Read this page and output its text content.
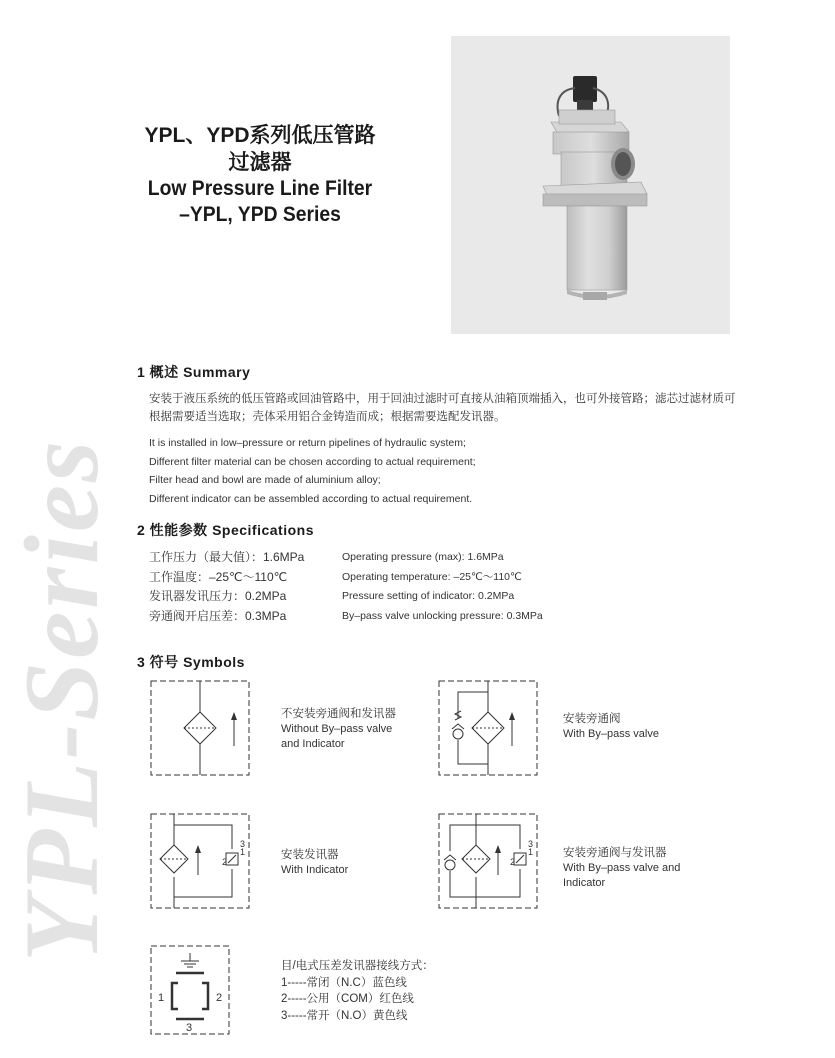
YPL-Series
YPL、YPD系列低压管路
过滤器
Low Pressure Line Filter
–YPL, YPD Series
1 概述 Summary
安装于液压系统的低压管路或回油管路中，用于回油过滤时可直接从油箱顶端插入，也可外接管路；滤芯过滤材质可根据需要适当选取；壳体采用铝合金铸造而成；根据需要选配发讯器。
It is installed in low–pressure or return pipelines of hydraulic system;
Different filter material can be chosen according to actual requirement;
Filter head and bowl are made of aluminium alloy;
Different indicator can be assembled according to actual requirement.
2 性能参数 Specifications
工作压力（最大值）：1.6MPa
工作温度：–25℃～110℃
发讯器发讯压力：0.2MPa
旁通阀开启压差：0.3MPa
Operating pressure (max): 1.6MPa
Operating temperature: –25℃～110℃
Pressure setting of indicator: 0.2MPa
By–pass valve unlocking pressure: 0.3MPa
3 符号 Symbols
不安装旁通阀和发讯器
Without By–pass valve
and Indicator
安装旁通阀
With By–pass valve
2
1
3
安装发讯器
With Indicator
2
1
3
安装旁通阀与发讯器
With By–pass valve and
Indicator
1	2
3
目/电式压差发讯器接线方式：
1-----常闭（N.C）蓝色线
2-----公用（COM）红色线
3-----常开（N.O）黄色线
